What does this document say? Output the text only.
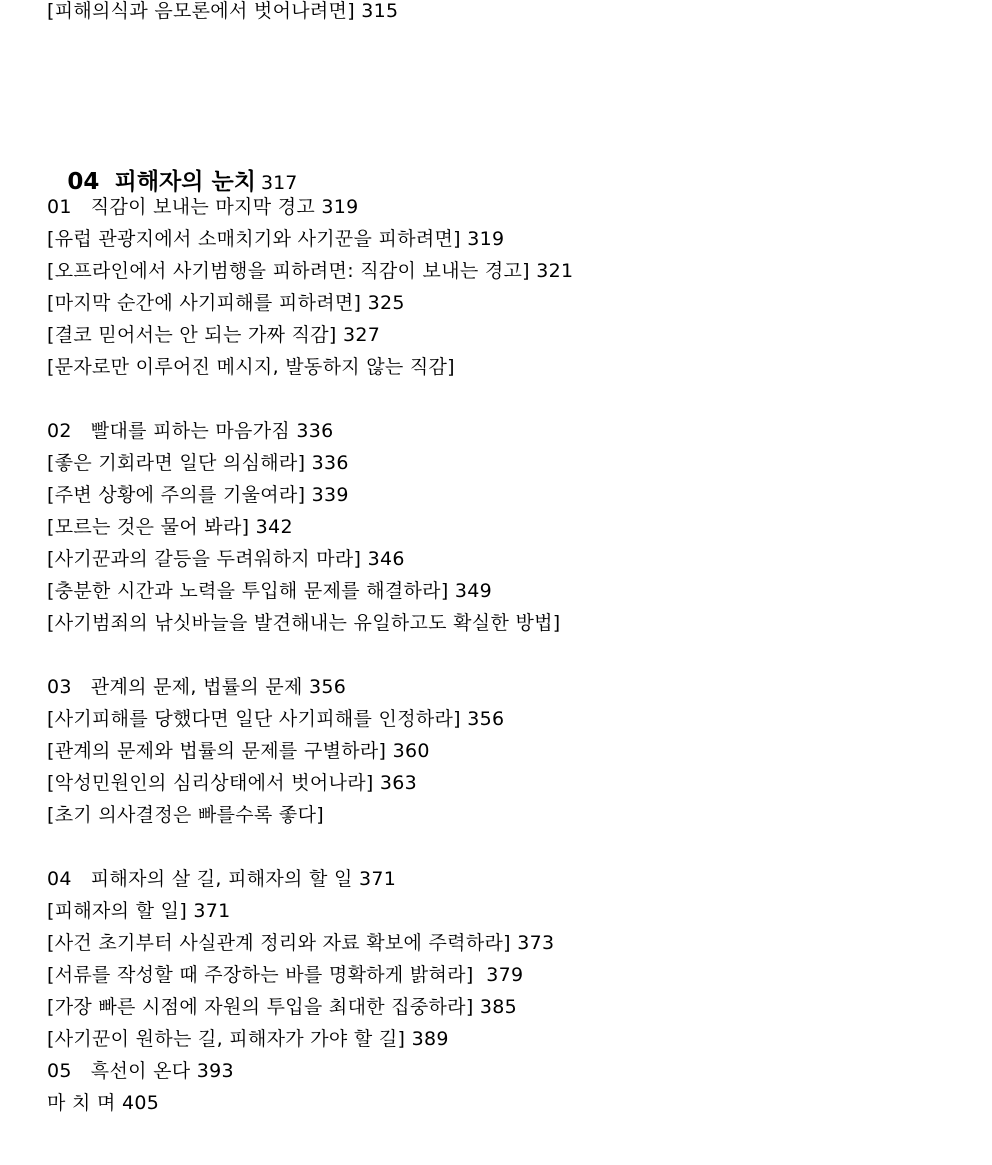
[피해의식과 음모론에서 벗어나려면] 315

04 피해자의 눈치 317

01   직감이 보내는 마지막 경고 319
[유럽 관광지에서 소매치기와 사기꾼을 피하려면] 319
[오프라인에서 사기범행을 피하려면: 직감이 보내는 경고] 321
[마지막 순간에 사기피해를 피하려면] 325
[결코 믿어서는 안 되는 가짜 직감] 327
[문자로만 이루어진 메시지, 발동하지 않는 직감]
02   빨대를 피하는 마음가짐 336
[좋은 기회라면 일단 의심해라] 336
[주변 상황에 주의를 기울여라] 339
[모르는 것은 물어 봐라] 342
[사기꾼과의 갈등을 두려워하지 마라] 346
[충분한 시간과 노력을 투입해 문제를 해결하라] 349
[사기범죄의 낚싯바늘을 발견해내는 유일하고도 확실한 방법]
03   관계의 문제, 법률의 문제 356
[사기피해를 당했다면 일단 사기피해를 인정하라] 356
[관계의 문제와 법률의 문제를 구별하라] 360
[악성민원인의 심리상태에서 벗어나라] 363
[초기 의사결정은 빠를수록 좋다]
04   피해자의 살 길, 피해자의 할 일 371
[피해자의 할 일] 371
[사건 초기부터 사실관계 정리와 자료 확보에 주력하라] 373
[서류를 작성할 때 주장하는 바를 명확하게 밝혀라]  379
[가장 빠른 시점에 자원의 투입을 최대한 집중하라] 385
[사기꾼이 원하는 길, 피해자가 가야 할 길] 389
05   흑선이 온다 393
마 치 며 405
